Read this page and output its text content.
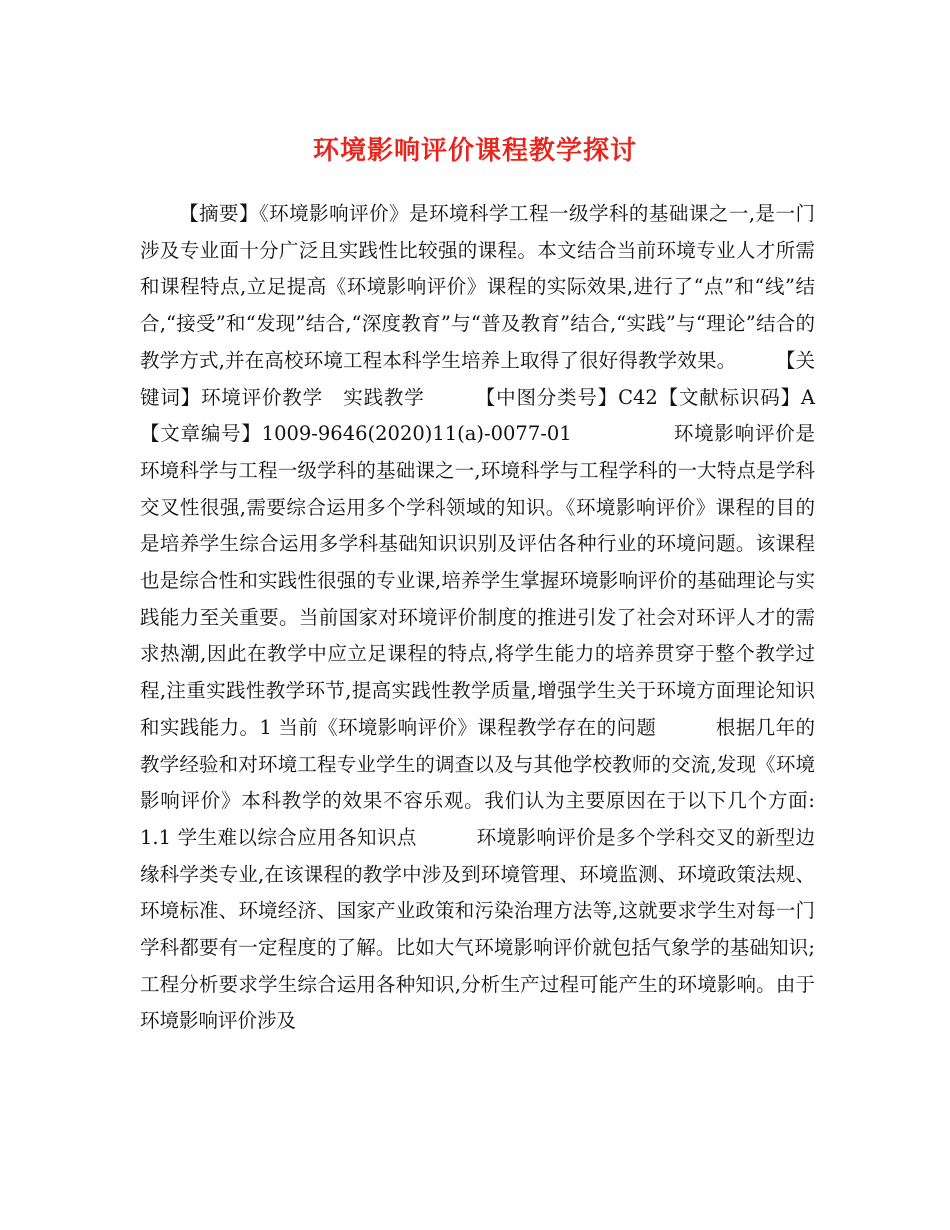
环境影响评价课程教学探讨

【摘要】《环境影响评价》是环境科学工程一级学科的基础课之一,是一门涉及专业面十分广泛且实践性比较强的课程。本文结合当前环境专业人才所需和课程特点,立足提高《环境影响评价》课程的实际效果,进行了“点”和“线”结合,“接受”和“发现”结合,“深度教育”与“普及教育”结合,“实践”与“理论”结合的教学方式,并在高校环境工程本科学生培养上取得了很好得教学效果。　　　【关键词】环境评价教学　实践教学　　　【中图分类号】C42【文献标识码】A【文章编号】1009-9646(2020)11(a)-0077-01　　　　　环境影响评价是环境科学与工程一级学科的基础课之一,环境科学与工程学科的一大特点是学科交叉性很强,需要综合运用多个学科领域的知识。《环境影响评价》课程的目的是培养学生综合运用多学科基础知识识别及评估各种行业的环境问题。该课程也是综合性和实践性很强的专业课,培养学生掌握环境影响评价的基础理论与实践能力至关重要。当前国家对环境评价制度的推进引发了社会对环评人才的需求热潮,因此在教学中应立足课程的特点,将学生能力的培养贯穿于整个教学过程,注重实践性教学环节,提高实践性教学质量,增强学生关于环境方面理论知识和实践能力。1 当前《环境影响评价》课程教学存在的问题　　　根据几年的教学经验和对环境工程专业学生的调查以及与其他学校教师的交流,发现《环境影响评价》本科教学的效果不容乐观。我们认为主要原因在于以下几个方面:　　　1.1 学生难以综合应用各知识点　　　环境影响评价是多个学科交叉的新型边缘科学类专业,在该课程的教学中涉及到环境管理、环境监测、环境政策法规、环境标准、环境经济、国家产业政策和污染治理方法等,这就要求学生对每一门学科都要有一定程度的了解。比如大气环境影响评价就包括气象学的基础知识;工程分析要求学生综合运用各种知识,分析生产过程可能产生的环境影响。由于环境影响评价涉及
